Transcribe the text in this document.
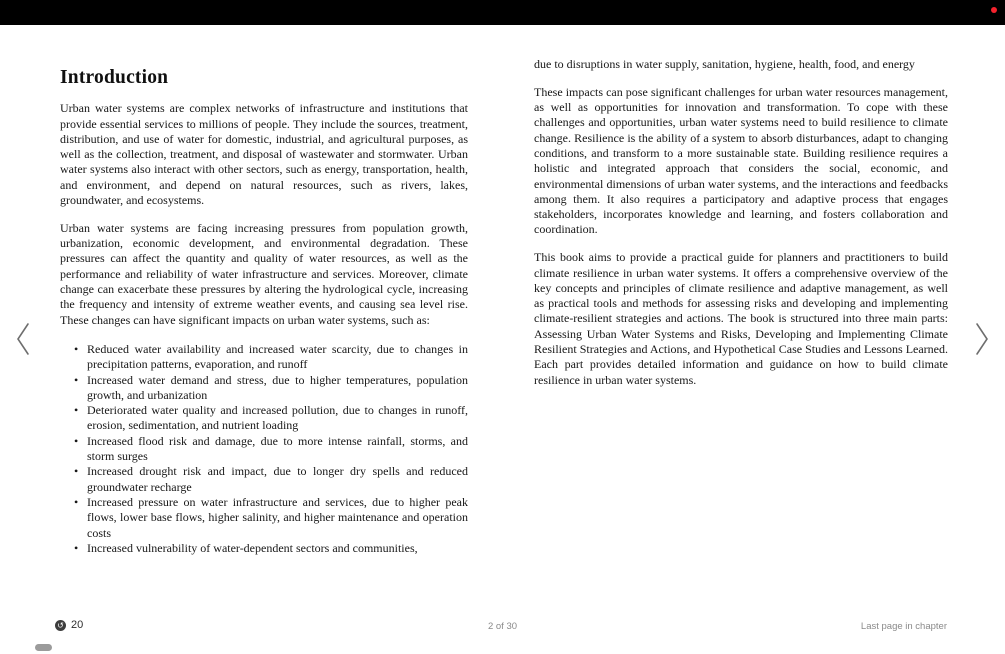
Introduction

Urban water systems are complex networks of infrastructure and institutions that provide essential services to millions of people. They include the sources, treatment, distribution, and use of water for domestic, industrial, and agricultural purposes, as well as the collection, treatment, and disposal of wastewater and stormwater. Urban water systems also interact with other sectors, such as energy, transportation, health, and environment, and depend on natural resources, such as rivers, lakes, groundwater, and ecosystems.

Urban water systems are facing increasing pressures from population growth, urbanization, economic development, and environmental degradation. These pressures can affect the quantity and quality of water resources, as well as the performance and reliability of water infrastructure and services. Moreover, climate change can exacerbate these pressures by altering the hydrological cycle, increasing the frequency and intensity of extreme weather events, and causing sea level rise. These changes can have significant impacts on urban water systems, such as:

• Reduced water availability and increased water scarcity, due to changes in precipitation patterns, evaporation, and runoff
• Increased water demand and stress, due to higher temperatures, population growth, and urbanization
• Deteriorated water quality and increased pollution, due to changes in runoff, erosion, sedimentation, and nutrient loading
• Increased flood risk and damage, due to more intense rainfall, storms, and storm surges
• Increased drought risk and impact, due to longer dry spells and reduced groundwater recharge
• Increased pressure on water infrastructure and services, due to higher peak flows, lower base flows, higher salinity, and higher maintenance and operation costs
• Increased vulnerability of water-dependent sectors and communities,

due to disruptions in water supply, sanitation, hygiene, health, food, and energy

These impacts can pose significant challenges for urban water resources management, as well as opportunities for innovation and transformation. To cope with these challenges and opportunities, urban water systems need to build resilience to climate change. Resilience is the ability of a system to absorb disturbances, adapt to changing conditions, and transform to a more sustainable state. Building resilience requires a holistic and integrated approach that considers the social, economic, and environmental dimensions of urban water systems, and the interactions and feedbacks among them. It also requires a participatory and adaptive process that engages stakeholders, incorporates knowledge and learning, and fosters collaboration and coordination.

This book aims to provide a practical guide for planners and practitioners to build climate resilience in urban water systems. It offers a comprehensive overview of the key concepts and principles of climate resilience and adaptive management, as well as practical tools and methods for assessing risks and developing and implementing climate-resilient strategies and actions. The book is structured into three main parts: Assessing Urban Water Systems and Risks, Developing and Implementing Climate Resilient Strategies and Actions, and Hypothetical Case Studies and Lessons Learned. Each part provides detailed information and guidance on how to build climate resilience in urban water systems.

↺ 20	2 of 30	Last page in chapter
